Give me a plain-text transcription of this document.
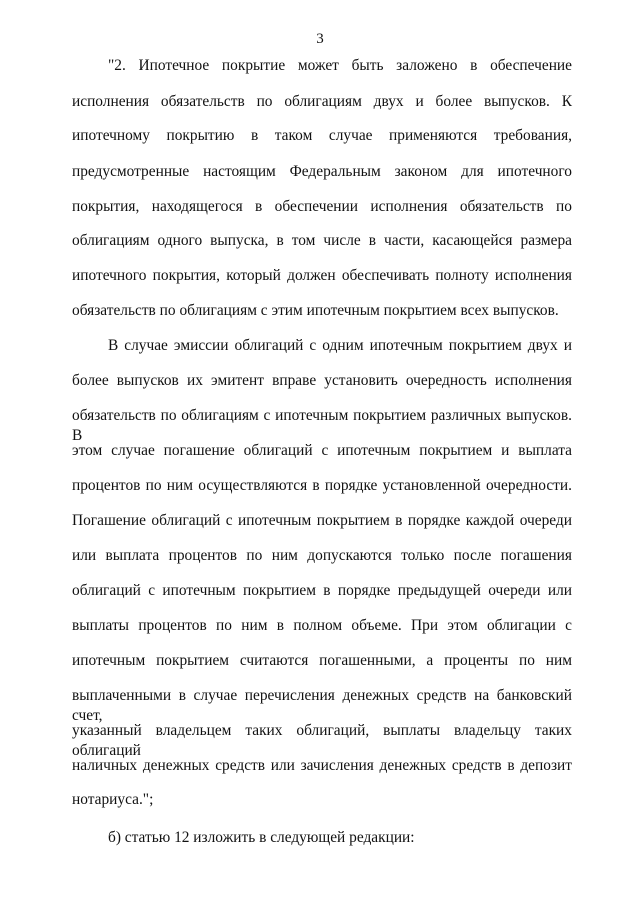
3
"2. Ипотечное покрытие может быть заложено в обеспечение
исполнения обязательств по облигациям двух и более выпусков. К
ипотечному покрытию в таком случае применяются требования,
предусмотренные настоящим Федеральным законом для ипотечного
покрытия, находящегося в обеспечении исполнения обязательств по
облигациям одного выпуска, в том числе в части, касающейся размера
ипотечного покрытия, который должен обеспечивать полноту исполнения
обязательств по облигациям с этим ипотечным покрытием всех выпусков.
В случае эмиссии облигаций с одним ипотечным покрытием двух и
более выпусков их эмитент вправе установить очередность исполнения
обязательств по облигациям с ипотечным покрытием различных выпусков. В
этом случае погашение облигаций с ипотечным покрытием и выплата
процентов по ним осуществляются в порядке установленной очередности.
Погашение облигаций с ипотечным покрытием в порядке каждой очереди
или выплата процентов по ним допускаются только после погашения
облигаций с ипотечным покрытием в порядке предыдущей очереди или
выплаты процентов по ним в полном объеме. При этом облигации с
ипотечным покрытием считаются погашенными, а проценты по ним
выплаченными в случае перечисления денежных средств на банковский счет,
указанный владельцем таких облигаций, выплаты владельцу таких облигаций
наличных денежных средств или зачисления денежных средств в депозит
нотариуса.";
б) статью 12 изложить в следующей редакции:
